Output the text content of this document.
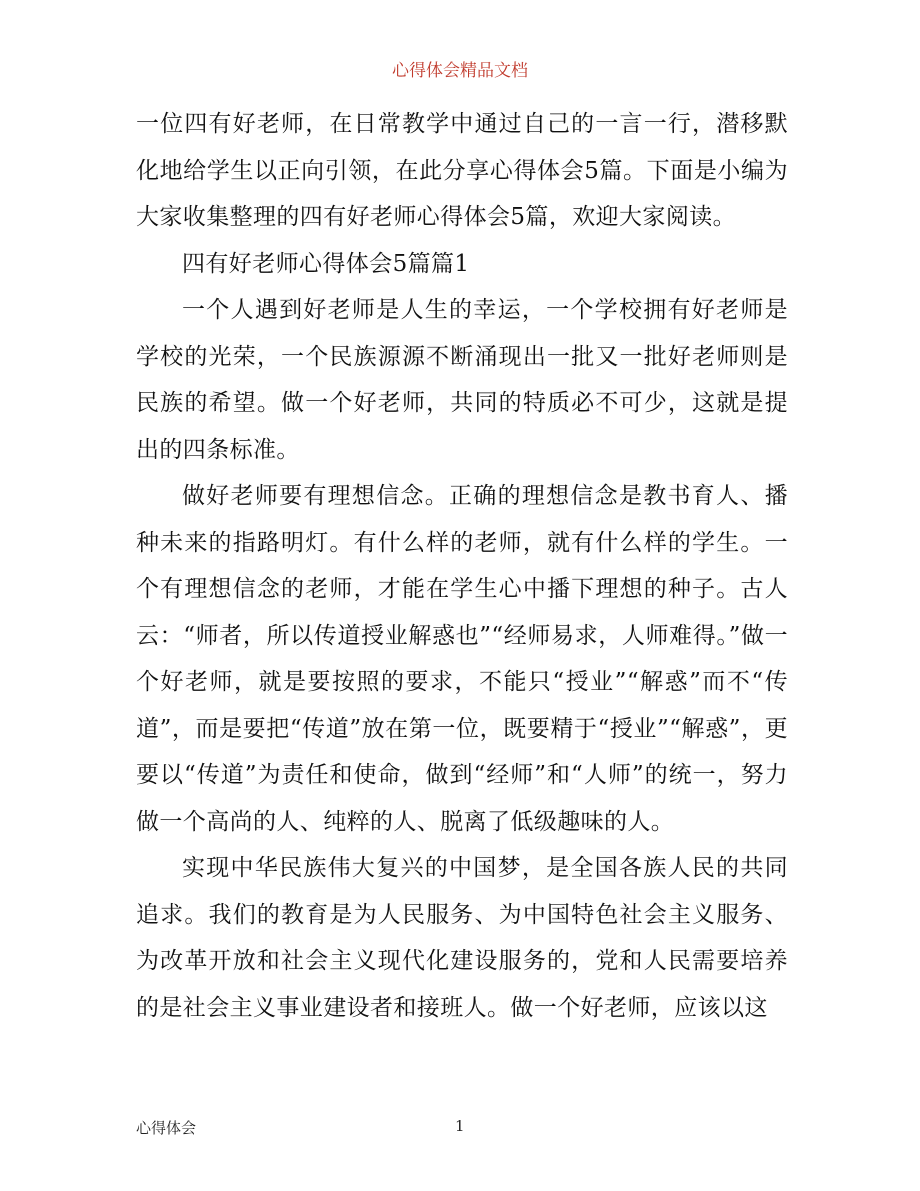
心得体会精品文档

一位四有好老师，在日常教学中通过自己的一言一行，潜移默化地给学生以正向引领，在此分享心得体会5篇。下面是小编为大家收集整理的四有好老师心得体会5篇，欢迎大家阅读。

四有好老师心得体会5篇篇1

一个人遇到好老师是人生的幸运，一个学校拥有好老师是学校的光荣，一个民族源源不断涌现出一批又一批好老师则是民族的希望。做一个好老师，共同的特质必不可少，这就是提出的四条标准。

做好老师要有理想信念。正确的理想信念是教书育人、播种未来的指路明灯。有什么样的老师，就有什么样的学生。一个有理想信念的老师，才能在学生心中播下理想的种子。古人云：“师者，所以传道授业解惑也”“经师易求，人师难得。”做一个好老师，就是要按照的要求，不能只“授业”“解惑”而不“传道”，而是要把“传道”放在第一位，既要精于“授业”“解惑”，更要以“传道”为责任和使命，做到“经师”和“人师”的统一，努力做一个高尚的人、纯粹的人、脱离了低级趣味的人。

实现中华民族伟大复兴的中国梦，是全国各族人民的共同追求。我们的教育是为人民服务、为中国特色社会主义服务、为改革开放和社会主义现代化建设服务的，党和人民需要培养的是社会主义事业建设者和接班人。做一个好老师，应该以这

心得体会	1
